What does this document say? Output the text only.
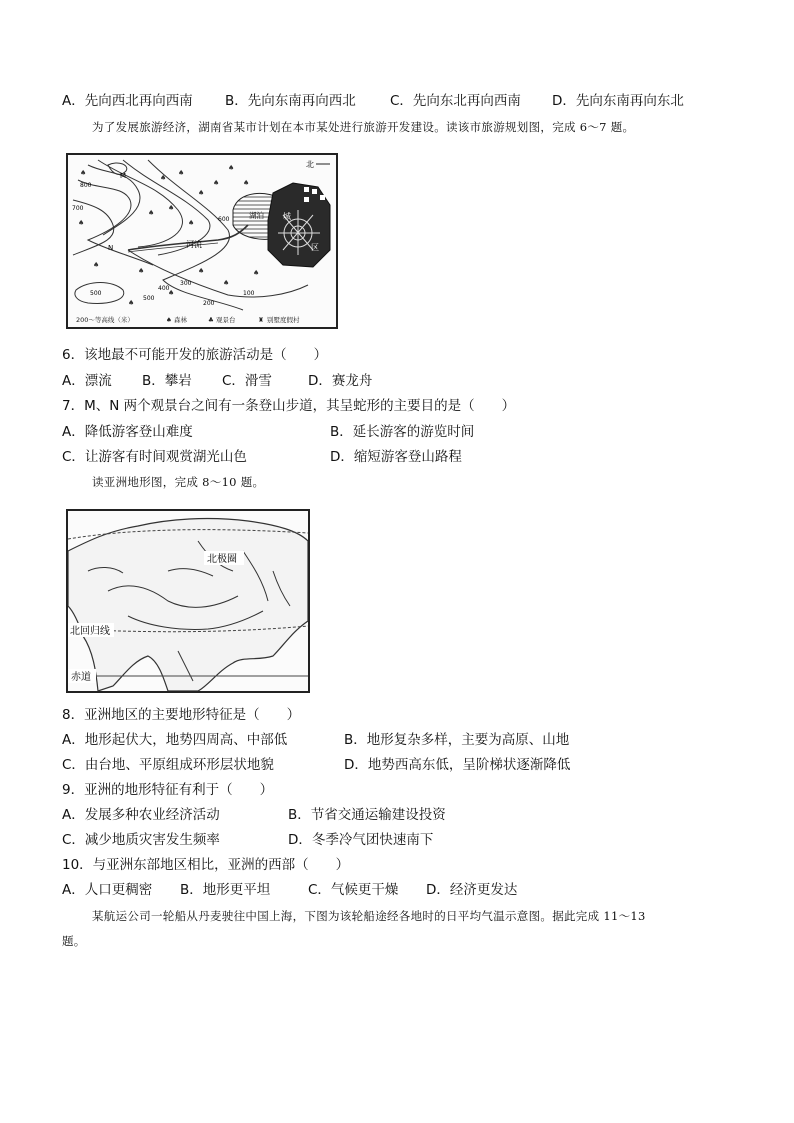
A．先向西北再向西南 B．先向东南再向西北	C．先向东北再向西南 D．先向东南再向东北
为了发展旅游经济，湖南省某市计划在本市某处进行旅游开发建设。读该市旅游规划图，完成 6～7 题。
♠
♠
♠
♠
♠
♠
♠
♠
♠
♠
♠
♠
♠
♠
♠
♠
♠
♠
北
湖泊 城
区
河流
M
N
800
700
600
500
400
300
200
100
500
200～等高线（米）	♠ 森林	♣ 观景台	♜ 别墅度假村
6．该地最不可能开发的旅游活动是（　　）
A．漂流 B．攀岩 C．滑雪	D．赛龙舟
7．M、N 两个观景台之间有一条登山步道，其呈蛇形的主要目的是（　　）
A．降低游客登山难度	B．延长游客的游览时间
C．让游客有时间观赏湖光山色	D．缩短游客登山路程
读亚洲地形图，完成 8～10 题。
北极圈
北回归线
赤道
8．亚洲地区的主要地形特征是（　　）
A．地形起伏大，地势四周高、中部低	B．地形复杂多样，主要为高原、山地
C．由台地、平原组成环形层状地貌	D．地势西高东低，呈阶梯状逐渐降低
9．亚洲的地形特征有利于（　　）
A．发展多种农业经济活动	B．节省交通运输建设投资
C．减少地质灾害发生频率	D．冬季冷气团快速南下
10．与亚洲东部地区相比，亚洲的西部（　　）
A．人口更稠密 B．地形更平坦	C．气候更干燥 D．经济更发达
某航运公司一轮船从丹麦驶往中国上海，下图为该轮船途经各地时的日平均气温示意图。据此完成 11～13
题。
